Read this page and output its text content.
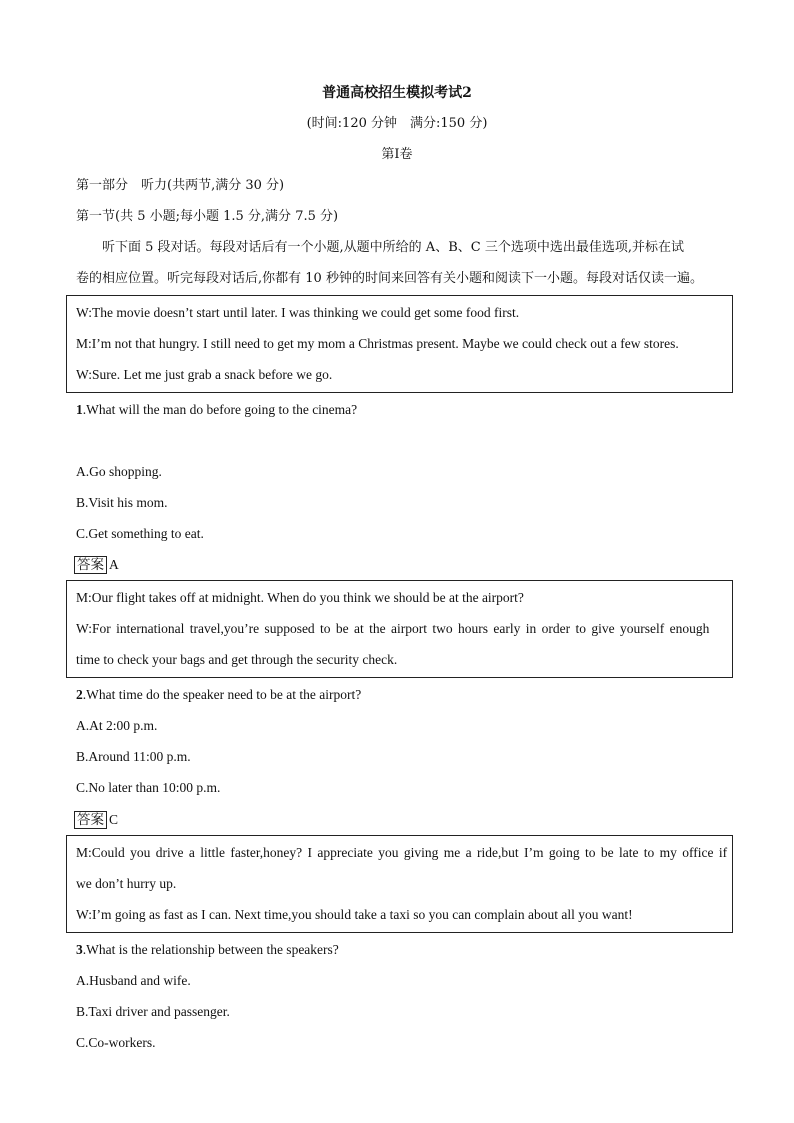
普通高校招生模拟考试2
(时间:120 分钟　满分:150 分)
第Ⅰ卷
第一部分　听力(共两节,满分 30 分)
第一节(共 5 小题;每小题 1.5 分,满分 7.5 分)
听下面 5 段对话。每段对话后有一个小题,从题中所给的 A、B、C 三个选项中选出最佳选项,并标在试
卷的相应位置。听完每段对话后,你都有 10 秒钟的时间来回答有关小题和阅读下一小题。每段对话仅读一遍。
W:The movie doesn’t start until later. I was thinking we could get some food first.
M:I’m not that hungry. I still need to get my mom a Christmas present. Maybe we could check out a few stores.
W:Sure. Let me just grab a snack before we go.
1.What will the man do before going to the cinema?
A.Go shopping.
B.Visit his mom.
C.Get something to eat.
答案 A
M:Our flight takes off at midnight. When do you think we should be at the airport?
W:For international travel,you’re supposed to be at the airport two hours early in order to give yourself enough
time to check your bags and get through the security check.
2.What time do the speaker need to be at the airport?
A.At 2:00 p.m.
B.Around 11:00 p.m.
C.No later than 10:00 p.m.
答案 C
M:Could you drive a little faster,honey? I appreciate you giving me a ride,but I’m going to be late to my office if
we don’t hurry up.
W:I’m going as fast as I can. Next time,you should take a taxi so you can complain about all you want!
3.What is the relationship between the speakers?
A.Husband and wife.
B.Taxi driver and passenger.
C.Co-workers.
